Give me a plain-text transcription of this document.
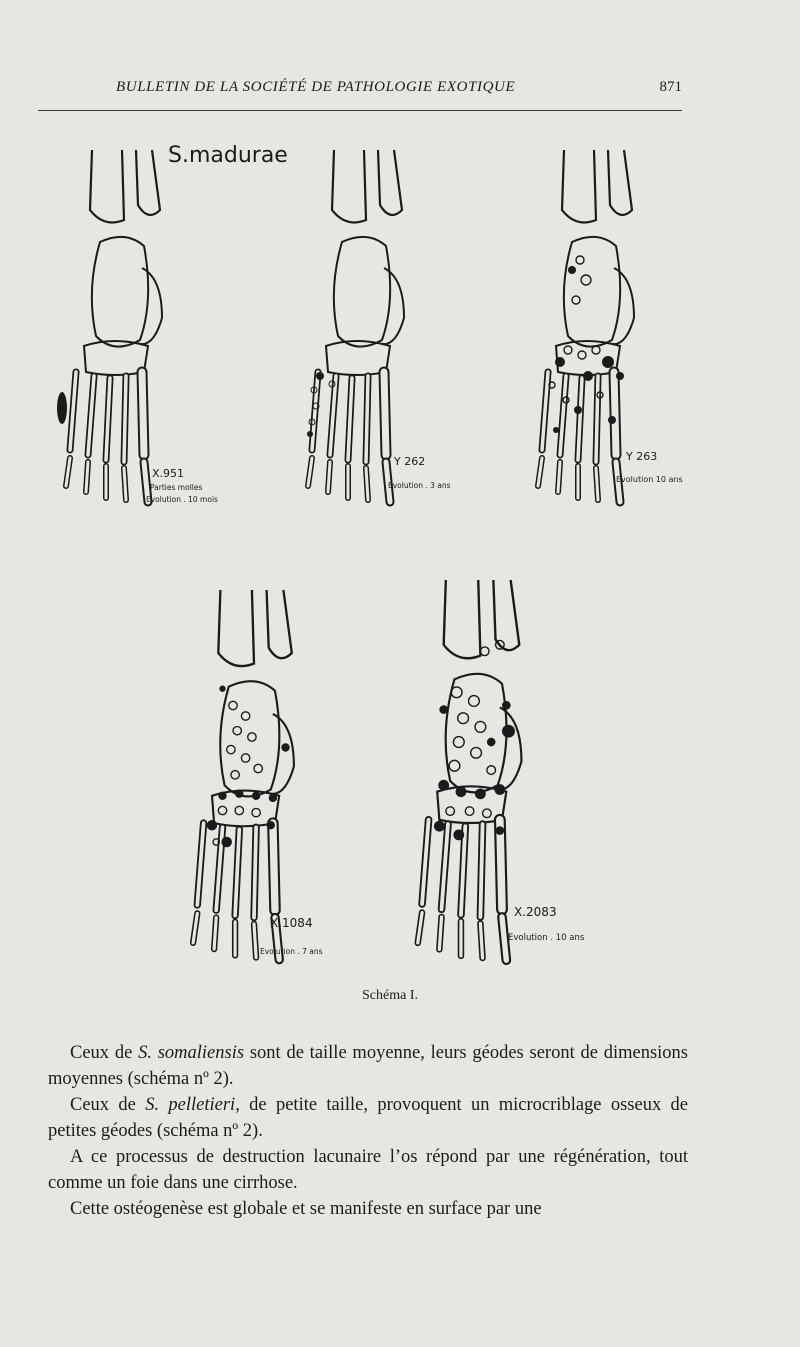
BULLETIN DE LA SOCIÉTÉ DE PATHOLOGIE EXOTIQUE	871
S.madurae
X.951
Parties molles
Evolution . 10 mois
Y 262
Evolution . 3 ans
Y 263
Evolution 10 ans
X.1084
Evolution . 7 ans
X.2083
Evolution . 10 ans
Schéma I.

Ceux de S. somaliensis sont de taille moyenne, leurs géodes seront de dimensions moyennes (schéma nº 2).

Ceux de S. pelletieri, de petite taille, provoquent un microcriblage osseux de petites géodes (schéma nº 2).

A ce processus de destruction lacunaire l’os répond par une régénération, tout comme un foie dans une cirrhose.

Cette ostéogenèse est globale et se manifeste en surface par une
